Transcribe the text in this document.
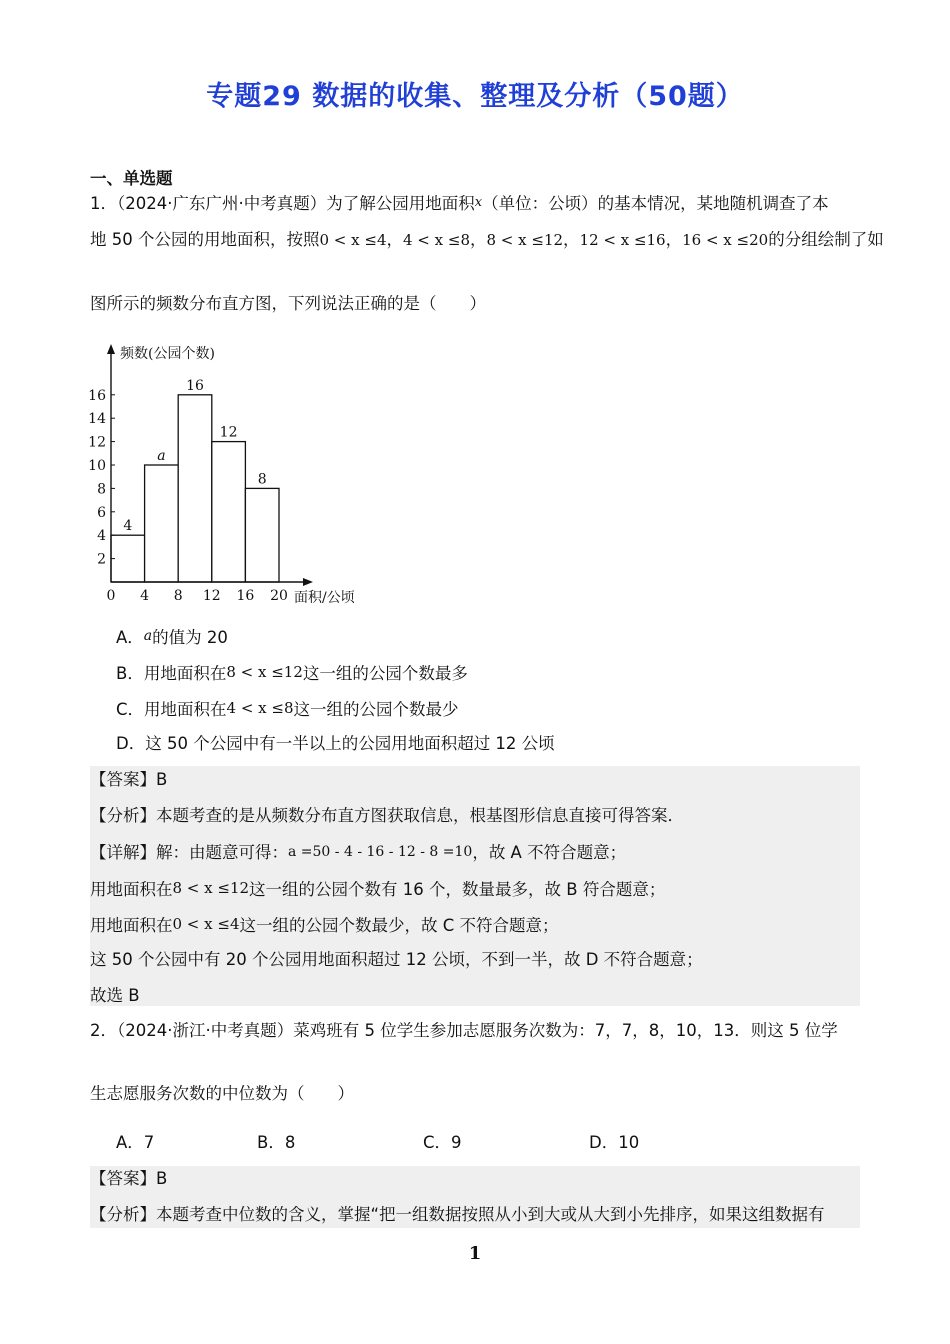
专题29 数据的收集、整理及分析（50题）
一、单选题
1．（2024·广东广州·中考真题）为了解公园用地面积x（单位：公顷）的基本情况，某地随机调查了本
地 50 个公园的用地面积，按照0 < x ≤4，4 < x ≤8，8 < x ≤12，12 < x ≤16，16 < x ≤20的分组绘制了如
图所示的频数分布直方图，下列说法正确的是（　　）
4
a
16
12
8
2
4
6
8
10
12
14
16
0 4 8 12 16 20
频数(公园个数)
面积/公顷
A．a的值为 20
B．用地面积在8 < x ≤12这一组的公园个数最多
C．用地面积在4 < x ≤8这一组的公园个数最少
D．这 50 个公园中有一半以上的公园用地面积超过 12 公顷
【答案】B
【分析】本题考查的是从频数分布直方图获取信息，根基图形信息直接可得答案．
【详解】解：由题意可得：a =50 - 4 - 16 - 12 - 8 =10，故 A 不符合题意；
用地面积在8 < x ≤12这一组的公园个数有 16 个，数量最多，故 B 符合题意；
用地面积在0 < x ≤4这一组的公园个数最少，故 C 不符合题意；
这 50 个公园中有 20 个公园用地面积超过 12 公顷，不到一半，故 D 不符合题意；
故选 B
2．（2024·浙江·中考真题）菜鸡班有 5 位学生参加志愿服务次数为：7，7，8，10，13．则这 5 位学
生志愿服务次数的中位数为（　　）
A．7	B．8	C．9	D．10
【答案】B
【分析】本题考查中位数的含义，掌握“把一组数据按照从小到大或从大到小先排序，如果这组数据有
1
